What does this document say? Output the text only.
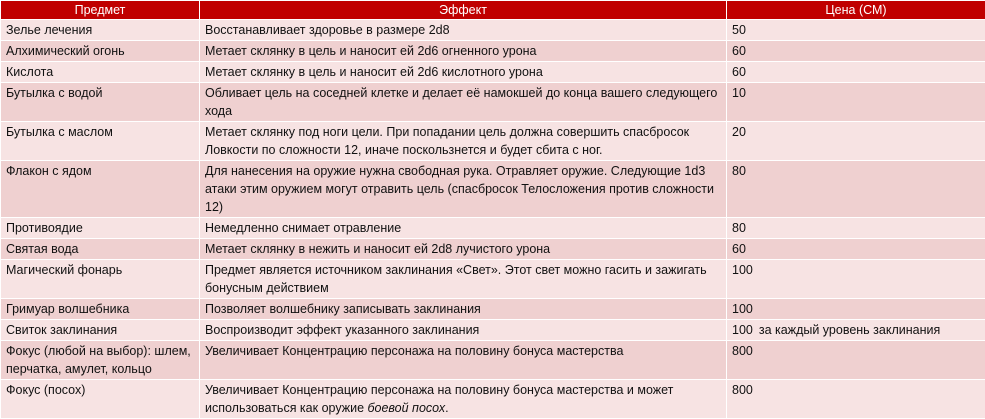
Предмет	Эффект	Цена (СМ)
Зелье лечения	Восстанавливает здоровье в размере 2d8	50
Алхимический огонь	Метает склянку в цель и наносит ей 2d6 огненного урона	60
Кислота	Метает склянку в цель и наносит ей 2d6 кислотного урона	60
Бутылка с водой	Обливает цель на соседней клетке и делает её намокшей до конца вашего следующего хода	10
Бутылка с маслом	Метает склянку под ноги цели. При попадании цель должна совершить спасбросок Ловкости по сложности 12, иначе поскользнется и будет сбита с ног.	20
Флакон с ядом	Для нанесения на оружие нужна свободная рука. Отравляет оружие. Следующие 1d3 атаки этим оружием могут отравить цель (спасбросок Телосложения против сложности 12)	80
Противоядие	Немедленно снимает отравление	80
Святая вода	Метает склянку в нежить и наносит ей 2d8 лучистого урона	60
Магический фонарь	Предмет является источником заклинания «Свет». Этот свет можно гасить и зажигать бонусным действием	100
Гримуар волшебника	Позволяет волшебнику записывать заклинания	100
Свиток заклинания	Воспроизводит эффект указанного заклинания	100 за каждый уровень заклинания
Фокус (любой на выбор): шлем, перчатка, амулет, кольцо	Увеличивает Концентрацию персонажа на половину бонуса мастерства	800
Фокус (посох)	Увеличивает Концентрацию персонажа на половину бонуса мастерства и может использоваться как оружие боевой посох.	800
